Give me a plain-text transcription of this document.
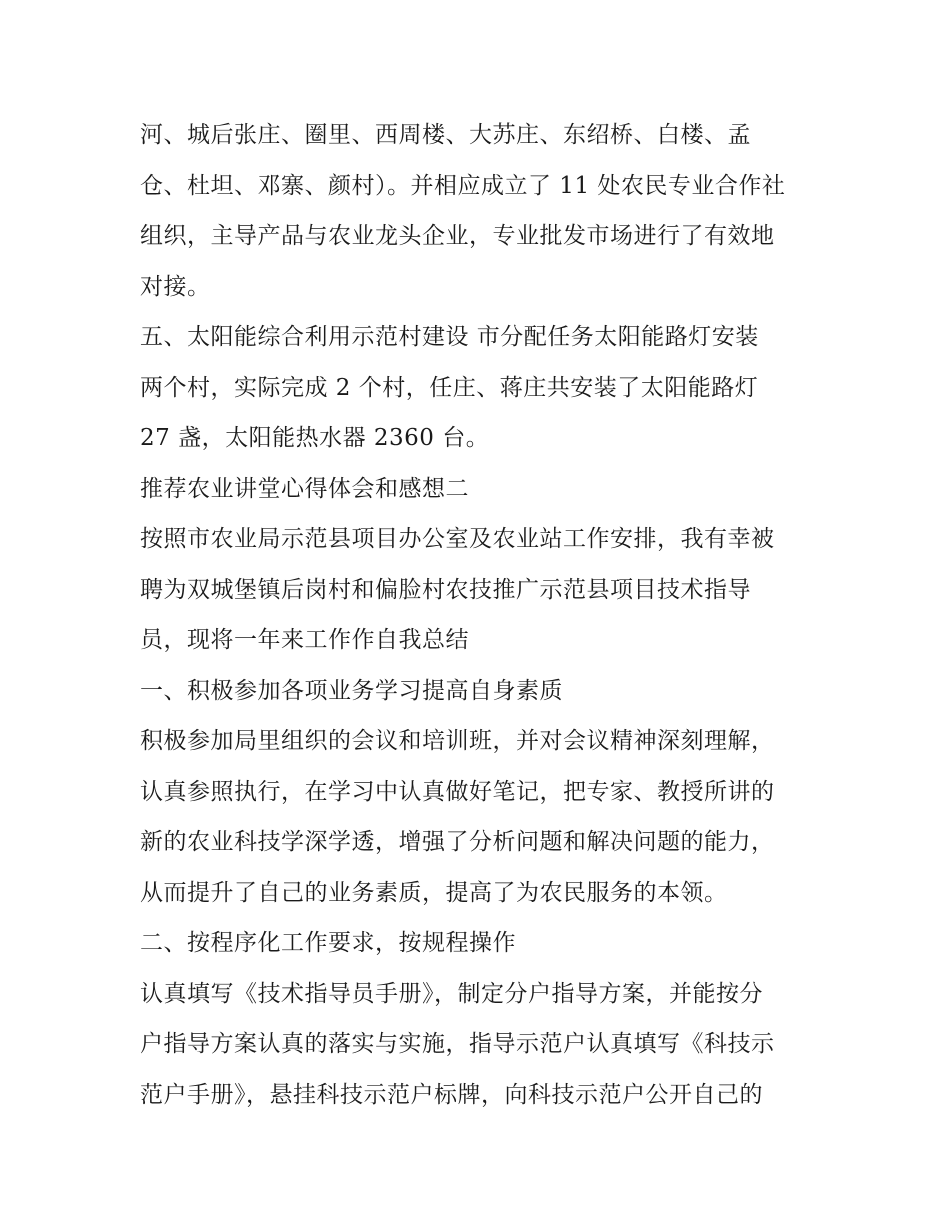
河、城后张庄、圈里、西周楼、大苏庄、东绍桥、白楼、孟
仓、杜坦、邓寨、颜村）。并相应成立了 11 处农民专业合作社
组织，主导产品与农业龙头企业，专业批发市场进行了有效地
对接。
五、太阳能综合利用示范村建设 市分配任务太阳能路灯安装
两个村，实际完成 2 个村，任庄、蒋庄共安装了太阳能路灯
27 盏，太阳能热水器 2360 台。
推荐农业讲堂心得体会和感想二
按照市农业局示范县项目办公室及农业站工作安排，我有幸被
聘为双城堡镇后岗村和偏脸村农技推广示范县项目技术指导
员，现将一年来工作作自我总结
一、积极参加各项业务学习提高自身素质
积极参加局里组织的会议和培训班，并对会议精神深刻理解，
认真参照执行，在学习中认真做好笔记，把专家、教授所讲的
新的农业科技学深学透，增强了分析问题和解决问题的能力，
从而提升了自己的业务素质，提高了为农民服务的本领。
二、按程序化工作要求，按规程操作
认真填写《技术指导员手册》，制定分户指导方案，并能按分
户指导方案认真的落实与实施，指导示范户认真填写《科技示
范户手册》，悬挂科技示范户标牌，向科技示范户公开自己的
